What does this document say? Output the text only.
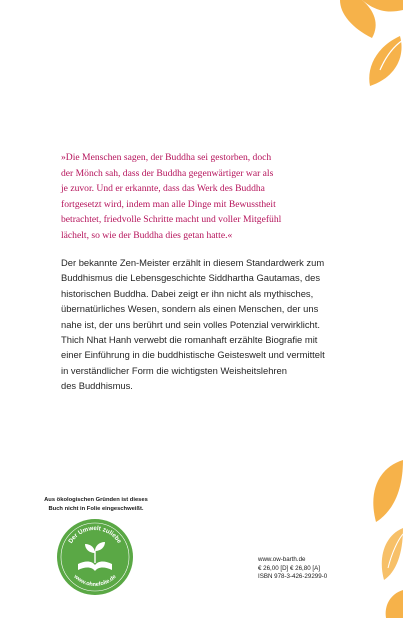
»Die Menschen sagen, der Buddha sei gestorben, doch
der Mönch sah, dass der Buddha gegenwärtiger war als
je zuvor. Und er erkannte, dass das Werk des Buddha
fortgesetzt wird, indem man alle Dinge mit Bewusstheit
betrachtet, friedvolle Schritte macht und voller Mitgefühl
lächelt, so wie der Buddha dies getan hatte.«
Der bekannte Zen-Meister erzählt in diesem Standardwerk zum
Buddhismus die Lebensgeschichte Siddhartha Gautamas, des
historischen Buddha. Dabei zeigt er ihn nicht als mythisches,
übernatürliches Wesen, sondern als einen Menschen, der uns
nahe ist, der uns berührt und sein volles Potenzial verwirklicht.
Thich Nhat Hanh verwebt die romanhaft erzählte Biografie mit
einer Einführung in die buddhistische Geisteswelt und vermittelt
in verständlicher Form die wichtigsten Weisheitslehren
des Buddhismus.
Aus ökologischen Gründen ist dieses
Buch nicht in Folie eingeschweißt.
Der Umwelt zuliebe
www.ohnefolie.de
www.ow-barth.de
€ 26,00 [D] € 26,80 [A]
ISBN 978-3-426-29299-0
